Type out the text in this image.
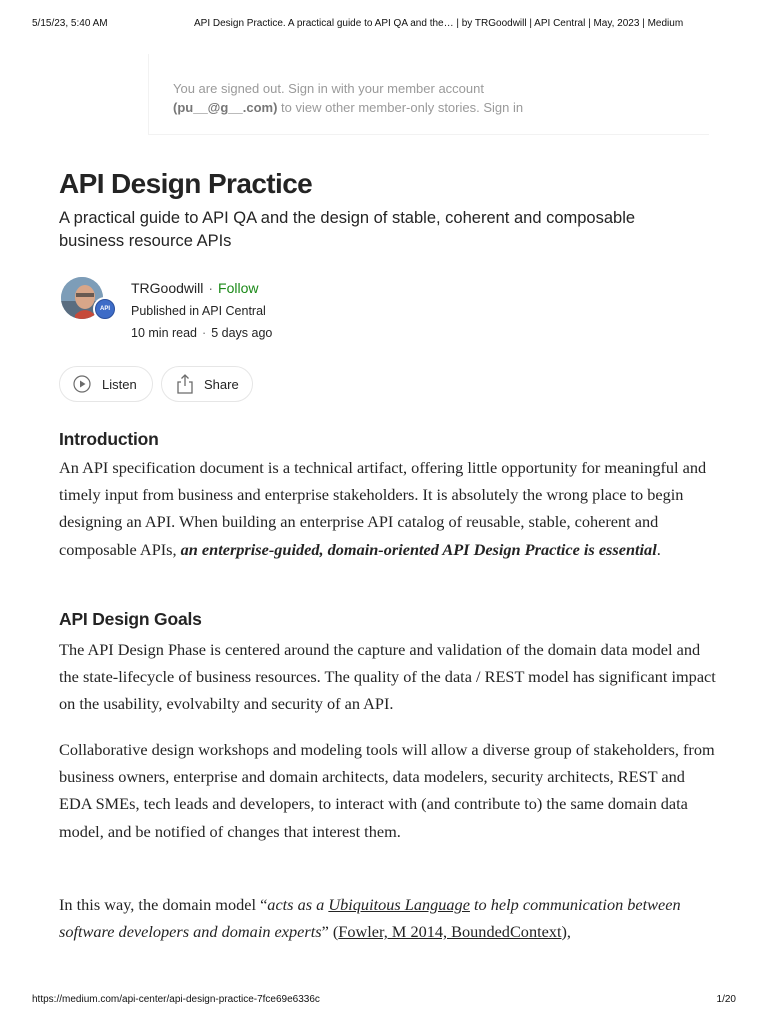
5/15/23, 5:40 AM	API Design Practice. A practical guide to API QA and the… | by TRGoodwill | API Central | May, 2023 | Medium

You are signed out. Sign in with your member account
(pu__@g__.com) to view other member-only stories. Sign in

API Design Practice

A practical guide to API QA and the design of stable, coherent and composable business resource APIs

API
TRGoodwill · Follow
Published in API Central
10 min read · 5 days ago
Listen	Share
Introduction

An API specification document is a technical artifact, offering little opportunity for meaningful and timely input from business and enterprise stakeholders. It is absolutely the wrong place to begin designing an API. When building an enterprise API catalog of reusable, stable, coherent and composable APIs, an enterprise-guided, domain-oriented API Design Practice is essential.

API Design Goals

The API Design Phase is centered around the capture and validation of the domain data model and the state-lifecycle of business resources. The quality of the data / REST model has significant impact on the usability, evolvabilty and security of an API.

Collaborative design workshops and modeling tools will allow a diverse group of stakeholders, from business owners, enterprise and domain architects, data modelers, security architects, REST and EDA SMEs, tech leads and developers, to interact with (and contribute to) the same domain data model, and be notified of changes that interest them.

In this way, the domain model “acts as a Ubiquitous Language to help communication between software developers and domain experts” (Fowler, M 2014, BoundedContext),

https://medium.com/api-center/api-design-practice-7fce69e6336c	1/20
